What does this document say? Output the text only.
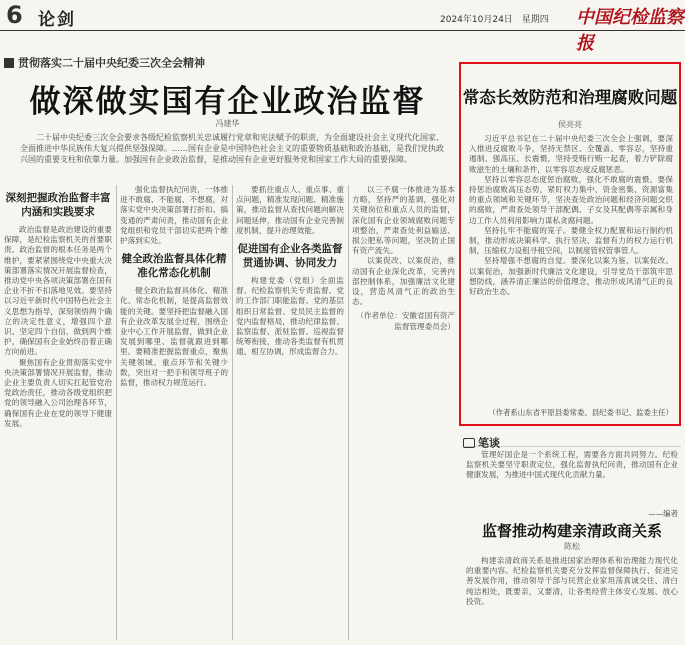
6 论剑	2024年10月24日　星期四 中国纪检监察报
贯彻落实二十届中央纪委三次全会精神
做深做实国有企业政治监督
冯建华
二十届中央纪委三次全会要求各级纪检监察机关忠诚履行党章和宪法赋予的职责，为全面建设社会主义现代化国家、全面推进中华民族伟大复兴提供坚强保障。……国有企业是中国特色社会主义的重要物质基础和政治基础，是我们党执政兴国的重要支柱和依靠力量。加强国有企业政治监督，是推动国有企业更好服务党和国家工作大局的重要保障。
深刻把握政治监督丰富内涵和实践要求

政治监督是政治建设的重要保障，是纪检监察机关的首要职责。政治监督的根本任务是两个维护，要紧紧围绕党中央重大决策部署落实情况开展监督检查，推动党中央各项决策部署在国有企业不折不扣落地见效。要坚持以习近平新时代中国特色社会主义思想为指导，深刻领悟两个确立的决定性意义，增强四个意识、坚定四个自信、做到两个维护，确保国有企业始终沿着正确方向前进。

聚焦国有企业贯彻落实党中央决策部署情况开展监督，推动企业主要负责人切实扛起管党治党政治责任，推动各级党组织把党的领导融入公司治理各环节，确保国有企业在党的领导下健康发展。

强化监督执纪问责，一体推进不敢腐、不能腐、不想腐，对落实党中央决策部署打折扣、搞变通的严肃问责，推动国有企业党组织和党员干部切实把两个维护落到实处。

健全政治监督具体化精准化常态化机制

健全政治监督具体化、精准化、常态化机制，是提高监督效能的关键。要坚持把监督融入国有企业改革发展全过程，围绕企业中心工作开展监督，做到企业发展到哪里、监督就跟进到哪里。要精准把握监督重点，聚焦关键领域、重点环节和关键少数，突出对一把手和领导班子的监督，推动权力规范运行。

要抓住重点人、重点事、重点问题，精准发现问题、精准施策，推动监督从查找问题向解决问题延伸，推动国有企业完善制度机制，提升治理效能。

促进国有企业各类监督贯通协调、协同发力

构建党委（党组）全面监督、纪检监察机关专责监督、党的工作部门职能监督、党的基层组织日常监督、党员民主监督的党内监督格局，推动纪律监督、监察监督、派驻监督、巡视监督统筹衔接，推动各类监督有机贯通、相互协调，形成监督合力。

以三不腐一体推进为基本方略，坚持严的基调，强化对关键岗位和重点人员的监督，深化国有企业领域腐败问题专项整治，严肃查处利益输送、损公肥私等问题，坚决防止国有资产流失。

以案促改、以案促治，推动国有企业深化改革，完善内部控制体系，加强廉洁文化建设，营造风清气正的政治生态。

（作者单位：安徽省国有资产监督管理委员会）

常态长效防范和治理腐败问题
侯亮亮

习近平总书记在二十届中央纪委三次全会上强调，要深入推进反腐败斗争，坚持无禁区、全覆盖、零容忍，坚持重遏制、强高压、长震慑，坚持受贿行贿一起查，着力铲除腐败滋生的土壤和条件，以零容忍态度反腐惩恶。

坚持以零容忍态度惩治腐败，强化不敢腐的震慑。要保持惩治腐败高压态势，紧盯权力集中、资金密集、资源富集的重点领域和关键环节，坚决查处政治问题和经济问题交织的腐败，严肃查处领导干部配偶、子女及其配偶等亲属和身边工作人员利用影响力谋私贪腐问题。

坚持扎牢不能腐的笼子。要健全权力配置和运行制约机制，推动形成决策科学、执行坚决、监督有力的权力运行机制，压缩权力设租寻租空间，以制度管权管事管人。

坚持增强不想腐的自觉。要深化以案为鉴、以案促改、以案促治，加强新时代廉洁文化建设，引导党员干部筑牢思想防线，涵养清正廉洁的价值理念，推动形成风清气正的良好政治生态。

（作者系山东省平原县委常委、县纪委书记、监委主任）
笔谈

管理好国企是一个系统工程，需要各方面共同努力。纪检监察机关要坚守职责定位，强化监督执纪问责，推动国有企业健康发展，为推进中国式现代化贡献力量。

——编者
监督推动构建亲清政商关系
陈松

构建亲清政商关系是推进国家治理体系和治理能力现代化的重要内容。纪检监察机关要充分发挥监督保障执行、促进完善发展作用，推动领导干部与民营企业家坦荡真诚交往、清白纯洁相处，既要亲，又要清，让各类经营主体安心发展、放心投资。
